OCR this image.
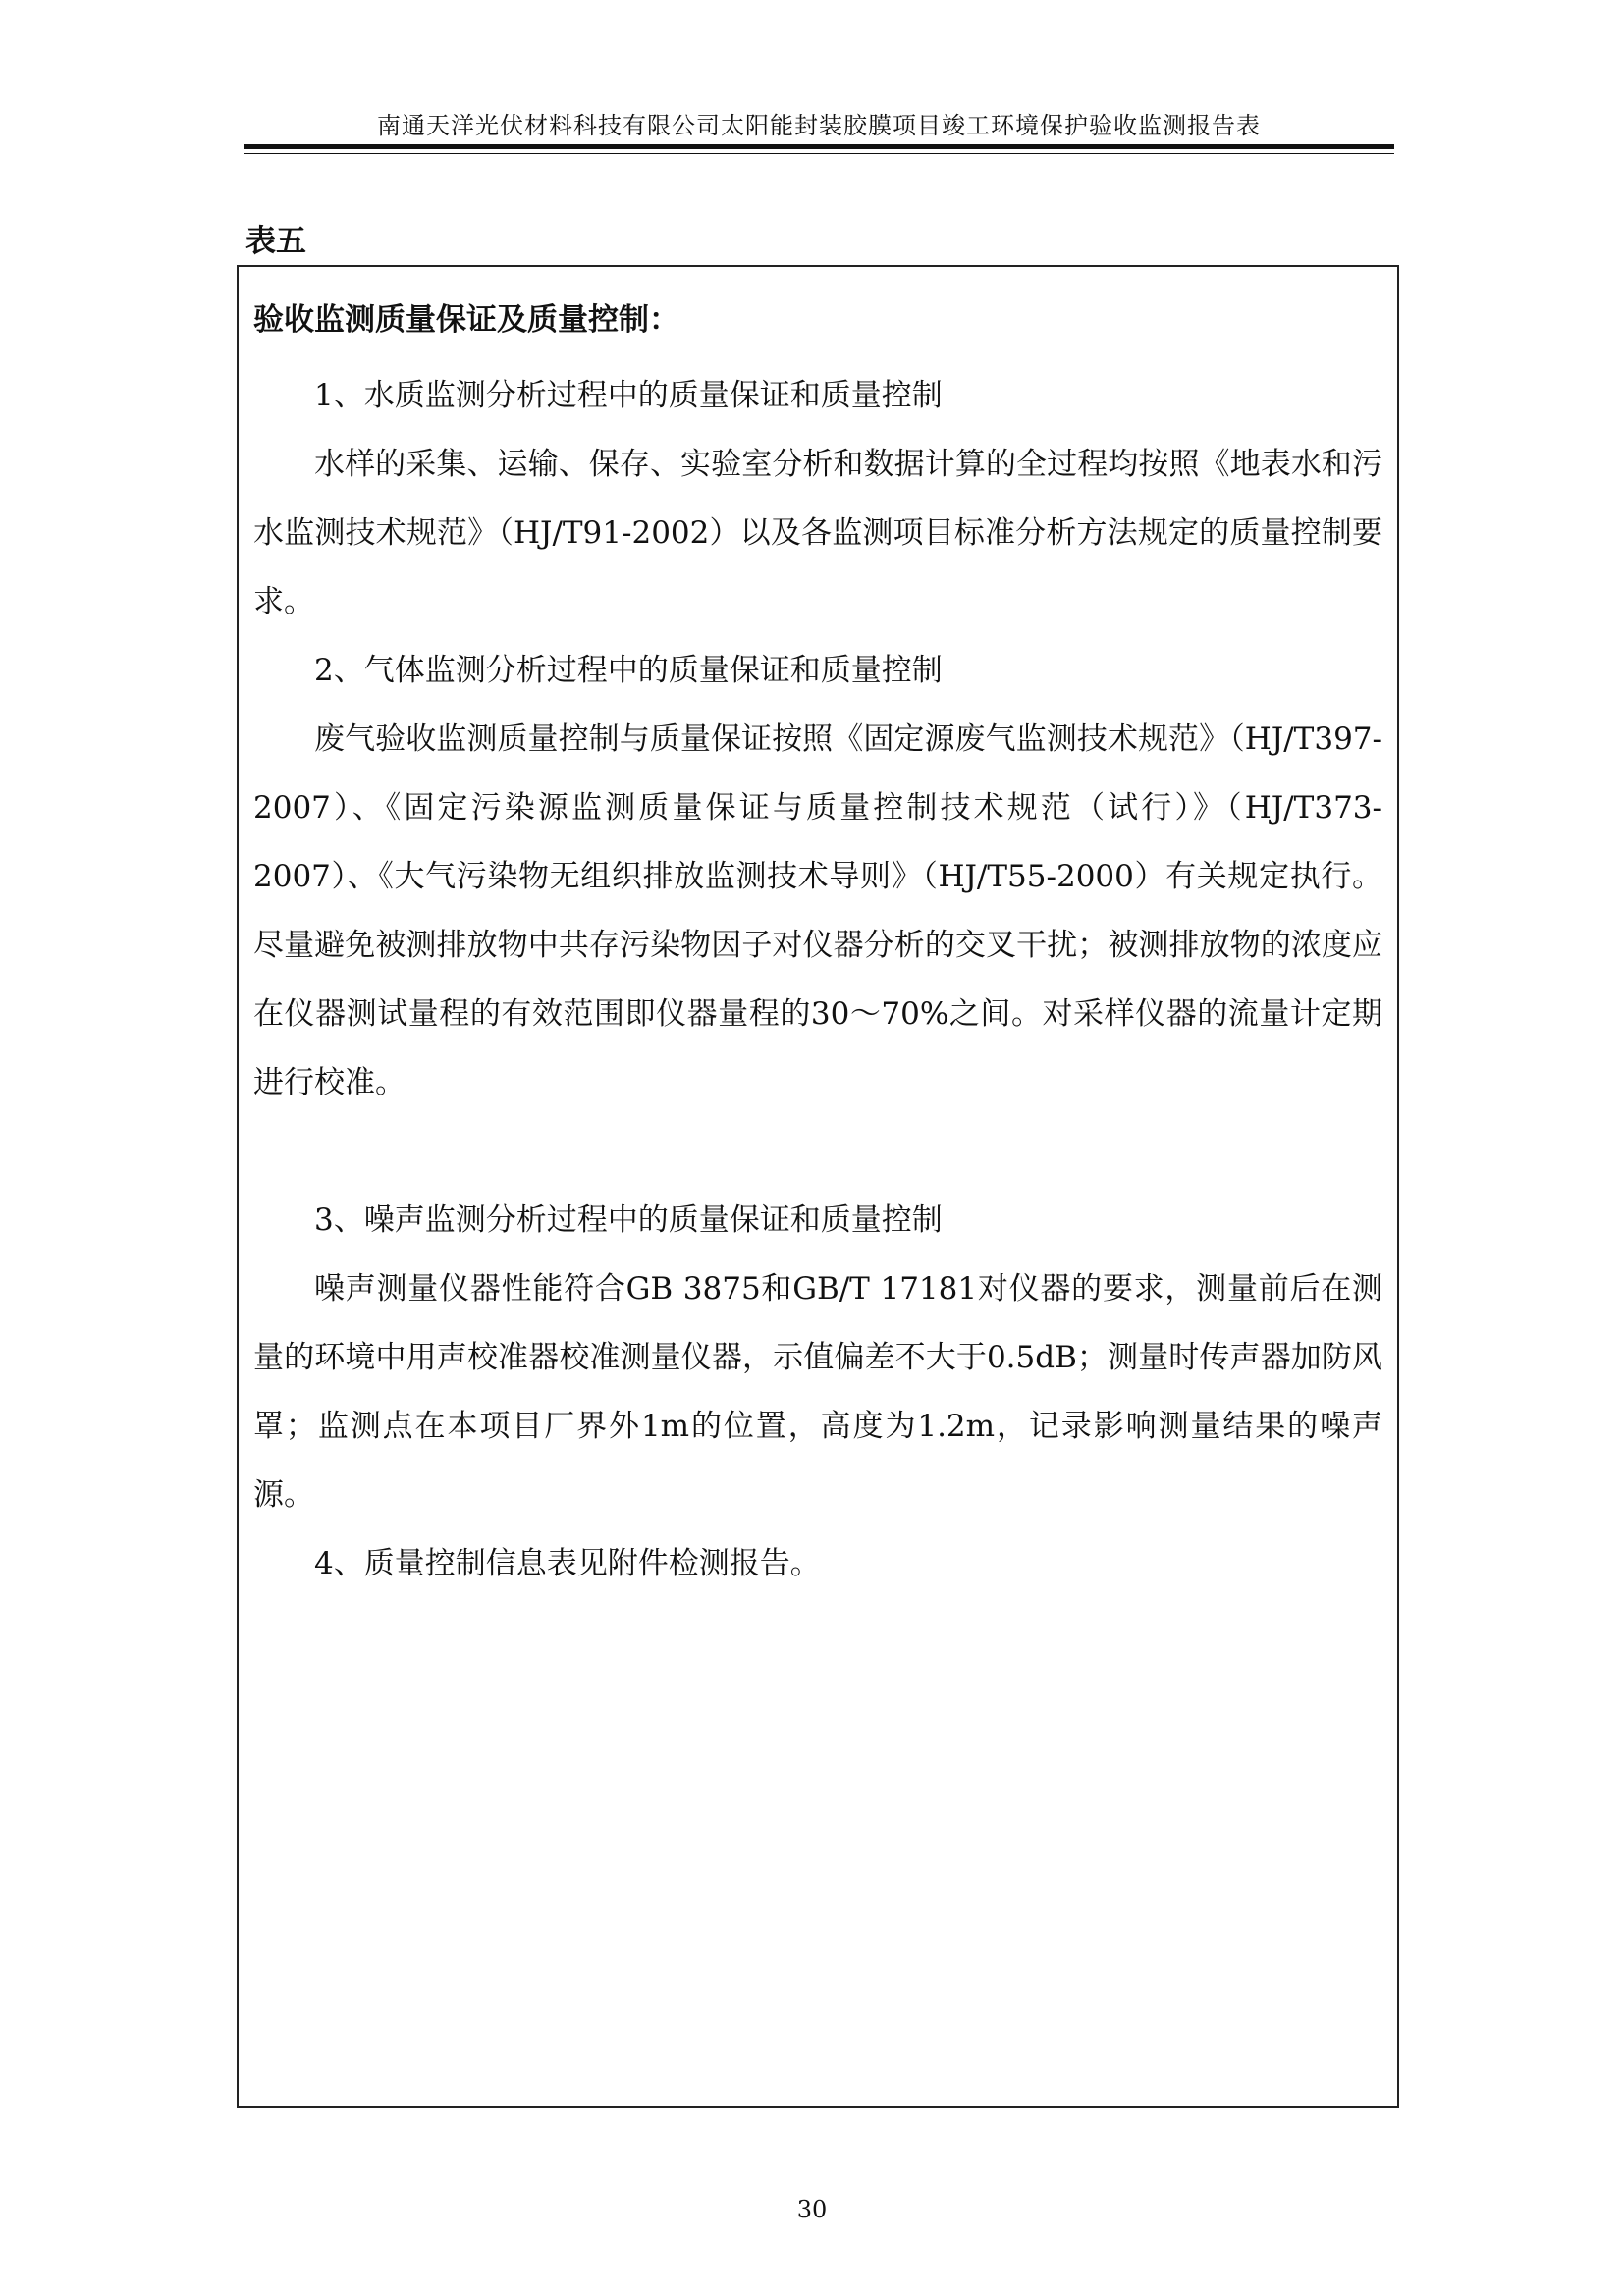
南通天洋光伏材料科技有限公司太阳能封装胶膜项目竣工环境保护验收监测报告表
表五
验收监测质量保证及质量控制：

1、水质监测分析过程中的质量保证和质量控制

水样的采集、运输、保存、实验室分析和数据计算的全过程均按照《地表水和污水监测技术规范》（HJ/T91-2002）以及各监测项目标准分析方法规定的质量控制要求。

2、气体监测分析过程中的质量保证和质量控制

废气验收监测质量控制与质量保证按照《固定源废气监测技术规范》（HJ/T397-2007）、《固定污染源监测质量保证与质量控制技术规范（试行）》（HJ/T373-2007）、《大气污染物无组织排放监测技术导则》（HJ/T55-2000）有关规定执行。尽量避免被测排放物中共存污染物因子对仪器分析的交叉干扰；被测排放物的浓度应在仪器测试量程的有效范围即仪器量程的30～70%之间。对采样仪器的流量计定期进行校准。

3、噪声监测分析过程中的质量保证和质量控制

噪声测量仪器性能符合GB 3875和GB/T 17181对仪器的要求，测量前后在测量的环境中用声校准器校准测量仪器，示值偏差不大于0.5dB；测量时传声器加防风罩；监测点在本项目厂界外1m的位置，高度为1.2m，记录影响测量结果的噪声源。

4、质量控制信息表见附件检测报告。

30
